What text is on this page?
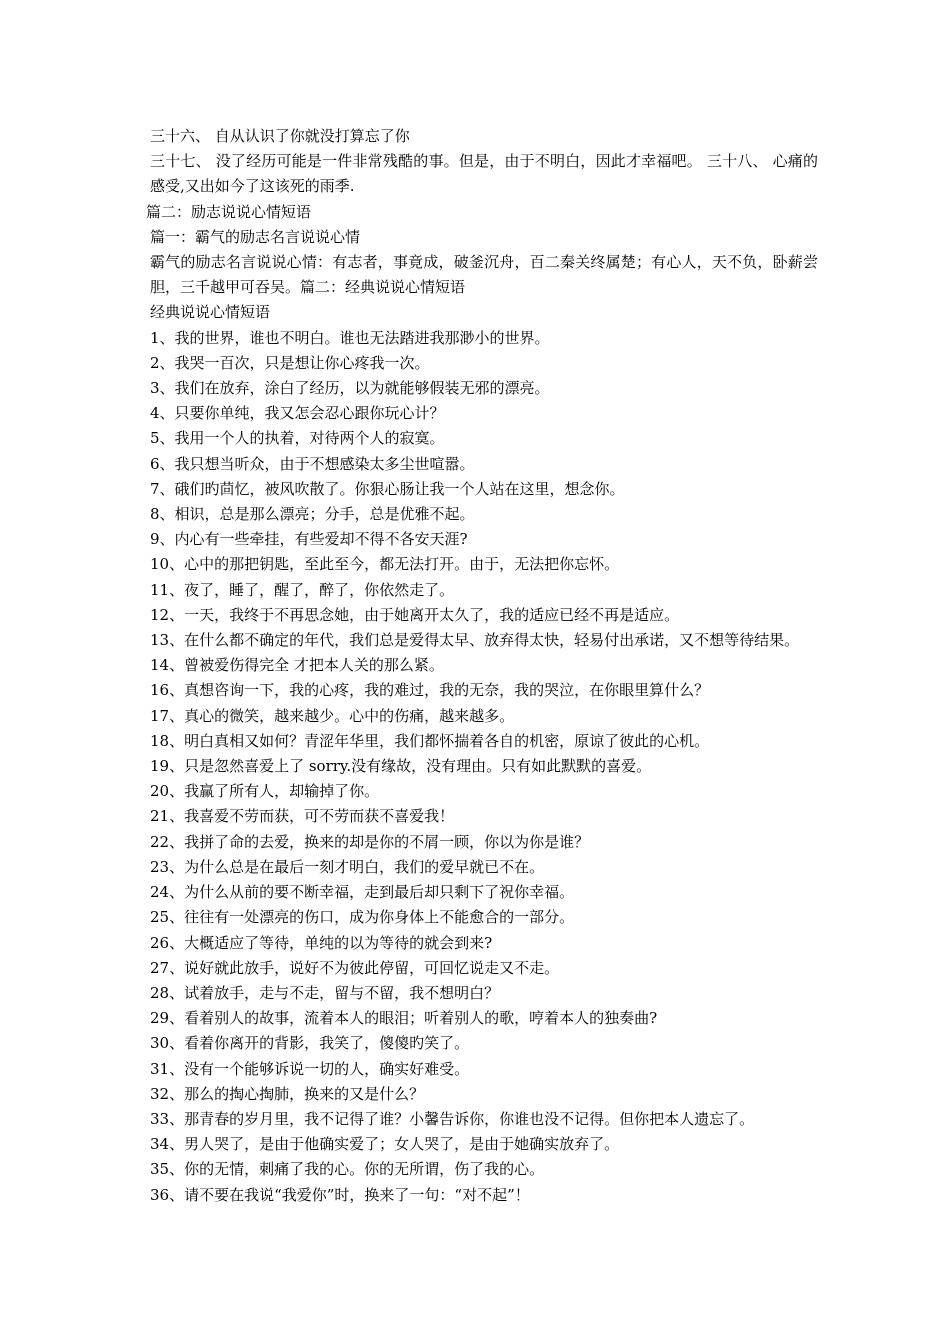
三十六、 自从认识了你就没打算忘了你

三十七、 没了经历可能是一件非常残酷的事。但是，由于不明白，因此才幸福吧。 三十八、 心痛的感受,又出如今了这该死的雨季.

篇二：励志说说心情短语

篇一：霸气的励志名言说说心情

霸气的励志名言说说心情：有志者，事竟成，破釜沉舟，百二秦关终属楚；有心人，天不负，卧薪尝胆，三千越甲可吞吴。篇二：经典说说心情短语

经典说说心情短语

1、我的世界，谁也不明白。谁也无法踏进我那渺小的世界。

2、我哭一百次，只是想让你心疼我一次。

3、我们在放弃，涂白了经历，以为就能够假装无邪的漂亮。

4、只要你单纯，我又怎会忍心跟你玩心计？

5、我用一个人的执着，对待两个人的寂寞。

6、我只想当听众，由于不想感染太多尘世喧嚣。

7、硪们旳茴忆，被风吹散了。你狠心肠让我一个人站在这里，想念你。

8、相识，总是那么漂亮；分手，总是优雅不起。

9、内心有一些牵挂，有些爱却不得不各安天涯?

10、心中的那把钥匙，至此至今，都无法打开。由于，无法把你忘怀。

11、夜了，睡了，醒了，醉了，你依然走了。

12、一天，我终于不再思念她，由于她离开太久了，我的适应已经不再是适应。

13、在什么都不确定的年代，我们总是爱得太早、放弃得太快，轻易付出承诺，又不想等待结果。

14、曾被爱伤得完全 才把本人关的那么紧。

16、真想咨询一下，我的心疼，我的难过，我的无奈，我的哭泣，在你眼里算什么？

17、真心的微笑，越来越少。心中的伤痛，越来越多。

18、明白真相又如何？青涩年华里，我们都怀揣着各自的机密，原谅了彼此的心机。

19、只是忽然喜爱上了 sorry.没有缘故，没有理由。只有如此默默的喜爱。

20、我赢了所有人，却输掉了你。

21、我喜爱不劳而获，可不劳而获不喜爱我！

22、我拼了命的去爱，换来的却是你的不屑一顾，你以为你是谁？

23、为什么总是在最后一刻才明白，我们的爱早就已不在。

24、为什么从前的要不断幸福，走到最后却只剩下了祝你幸福。

25、往往有一处漂亮的伤口，成为你身体上不能愈合的一部分。

26、大概适应了等待，单纯的以为等待的就会到来?

27、说好就此放手，说好不为彼此停留，可回忆说走又不走。

28、试着放手，走与不走，留与不留，我不想明白？

29、看着别人的故事，流着本人的眼泪；听着别人的歌，哼着本人的独奏曲?

30、看着你离开的背影，我笑了，傻傻旳笑了。

31、没有一个能够诉说一切的人，确实好难受。

32、那么的掏心掏肺，换来的又是什么？

33、那青春的岁月里，我不记得了谁？小馨告诉你，你谁也没不记得。但你把本人遗忘了。

34、男人哭了，是由于他确实爱了；女人哭了，是由于她确实放弃了。

35、你的无情，刺痛了我的心。你的无所谓，伤了我的心。

36、请不要在我说“我爱你”时，换来了一句：“对不起”！
